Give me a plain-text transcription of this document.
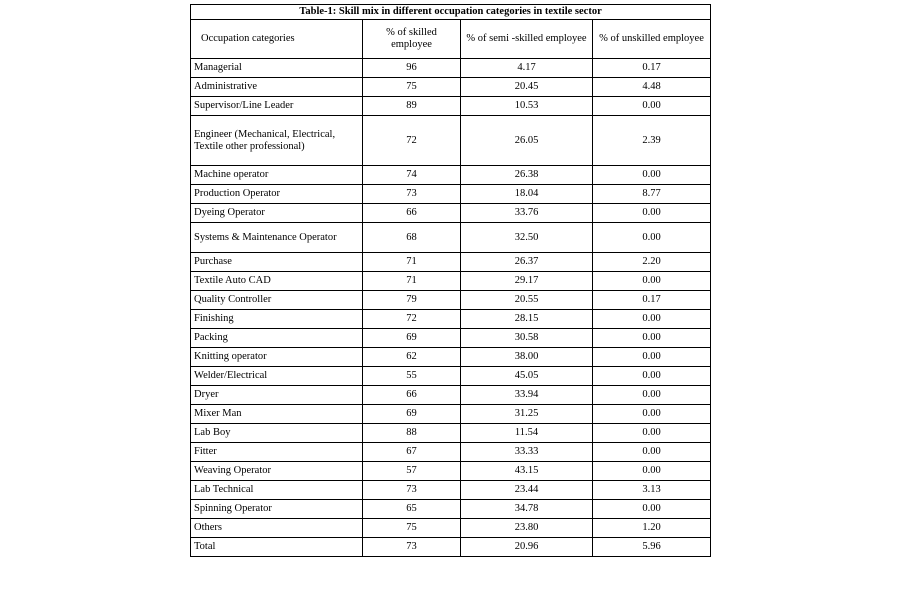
Table-1: Skill mix in different occupation categories in textile sector			
Occupation categories	% of skilled employee	% of semi -skilled employee	% of unskilled employee
Managerial	96	4.17	0.17
Administrative	75	20.45	4.48
Supervisor/Line Leader	89	10.53	0.00
Engineer (Mechanical, Electrical, Textile other professional)	72	26.05	2.39
Machine operator	74	26.38	0.00
Production Operator	73	18.04	8.77
Dyeing Operator	66	33.76	0.00
Systems & Maintenance Operator	68	32.50	0.00
Purchase	71	26.37	2.20
Textile Auto CAD	71	29.17	0.00
Quality Controller	79	20.55	0.17
Finishing	72	28.15	0.00
Packing	69	30.58	0.00
Knitting operator	62	38.00	0.00
Welder/Electrical	55	45.05	0.00
Dryer	66	33.94	0.00
Mixer Man	69	31.25	0.00
Lab Boy	88	11.54	0.00
Fitter	67	33.33	0.00
Weaving Operator	57	43.15	0.00
Lab Technical	73	23.44	3.13
Spinning Operator	65	34.78	0.00
Others	75	23.80	1.20
Total	73	20.96	5.96
